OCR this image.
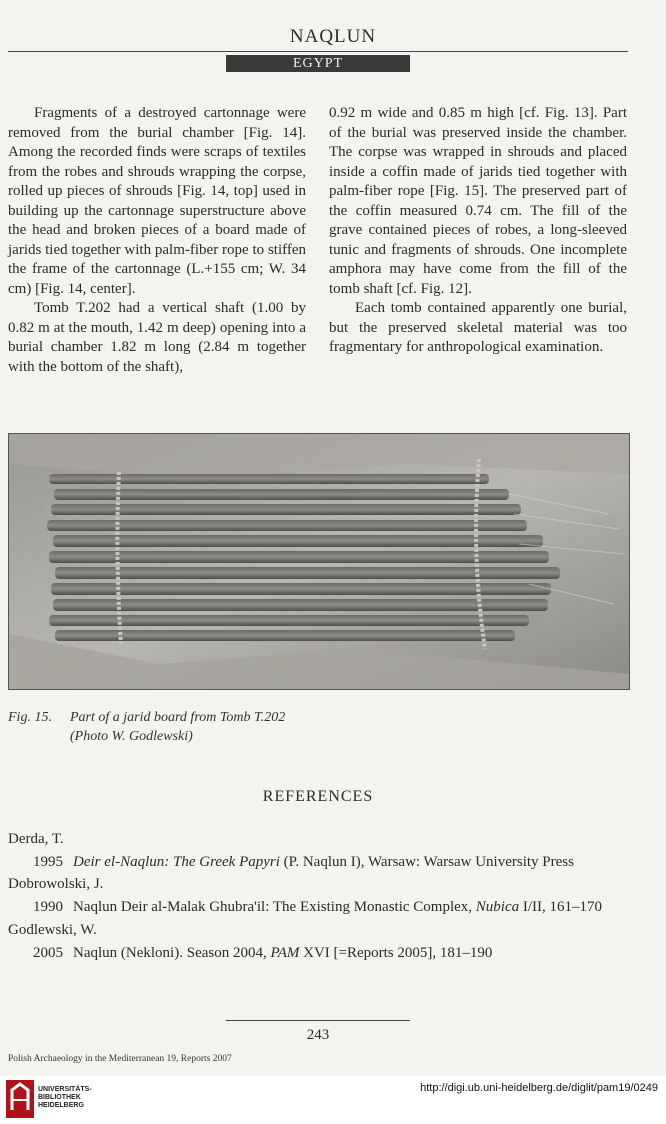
NAQLUN
EGYPT

Fragments of a destroyed cartonnage were removed from the burial chamber [Fig. 14]. Among the recorded finds were scraps of textiles from the robes and shrouds wrapping the corpse, rolled up pieces of shrouds [Fig. 14, top] used in building up the cartonnage superstructure above the head and broken pieces of a board made of jarids tied together with palm-fiber rope to stiffen the frame of the cartonnage (L.+155 cm; W. 34 cm) [Fig. 14, center].

Tomb T.202 had a vertical shaft (1.00 by 0.82 m at the mouth, 1.42 m deep) opening into a burial chamber 1.82 m long (2.84 m together with the bottom of the shaft),

0.92 m wide and 0.85 m high [cf. Fig. 13]. Part of the burial was preserved inside the chamber. The corpse was wrapped in shrouds and placed inside a coffin made of jarids tied together with palm-fiber rope [Fig. 15]. The preserved part of the coffin measured 0.74 cm. The fill of the grave contained pieces of robes, a long-sleeved tunic and fragments of shrouds. One incomplete amphora may have come from the fill of the tomb shaft [cf. Fig. 12].

Each tomb contained apparently one burial, but the preserved skeletal material was too fragmentary for anthropological examination.

Fig. 15. Part of a jarid board from Tomb T.202
(Photo W. Godlewski)
REFERENCES
Derda, T.
1995 Deir el-Naqlun: The Greek Papyri (P. Naqlun I), Warsaw: Warsaw University Press
Dobrowolski, J.
1990 Naqlun Deir al-Malak Ghubra'il: The Existing Monastic Complex, Nubica I/II, 161–170
Godlewski, W.
2005 Naqlun (Nekloni). Season 2004, PAM XVI [=Reports 2005], 181–190
243
Polish Archaeology in the Mediterranean 19, Reports 2007
UNIVERSITÄTS-
BIBLIOTHEK
HEIDELBERG
http://digi.ub.uni-heidelberg.de/diglit/pam19/0249
